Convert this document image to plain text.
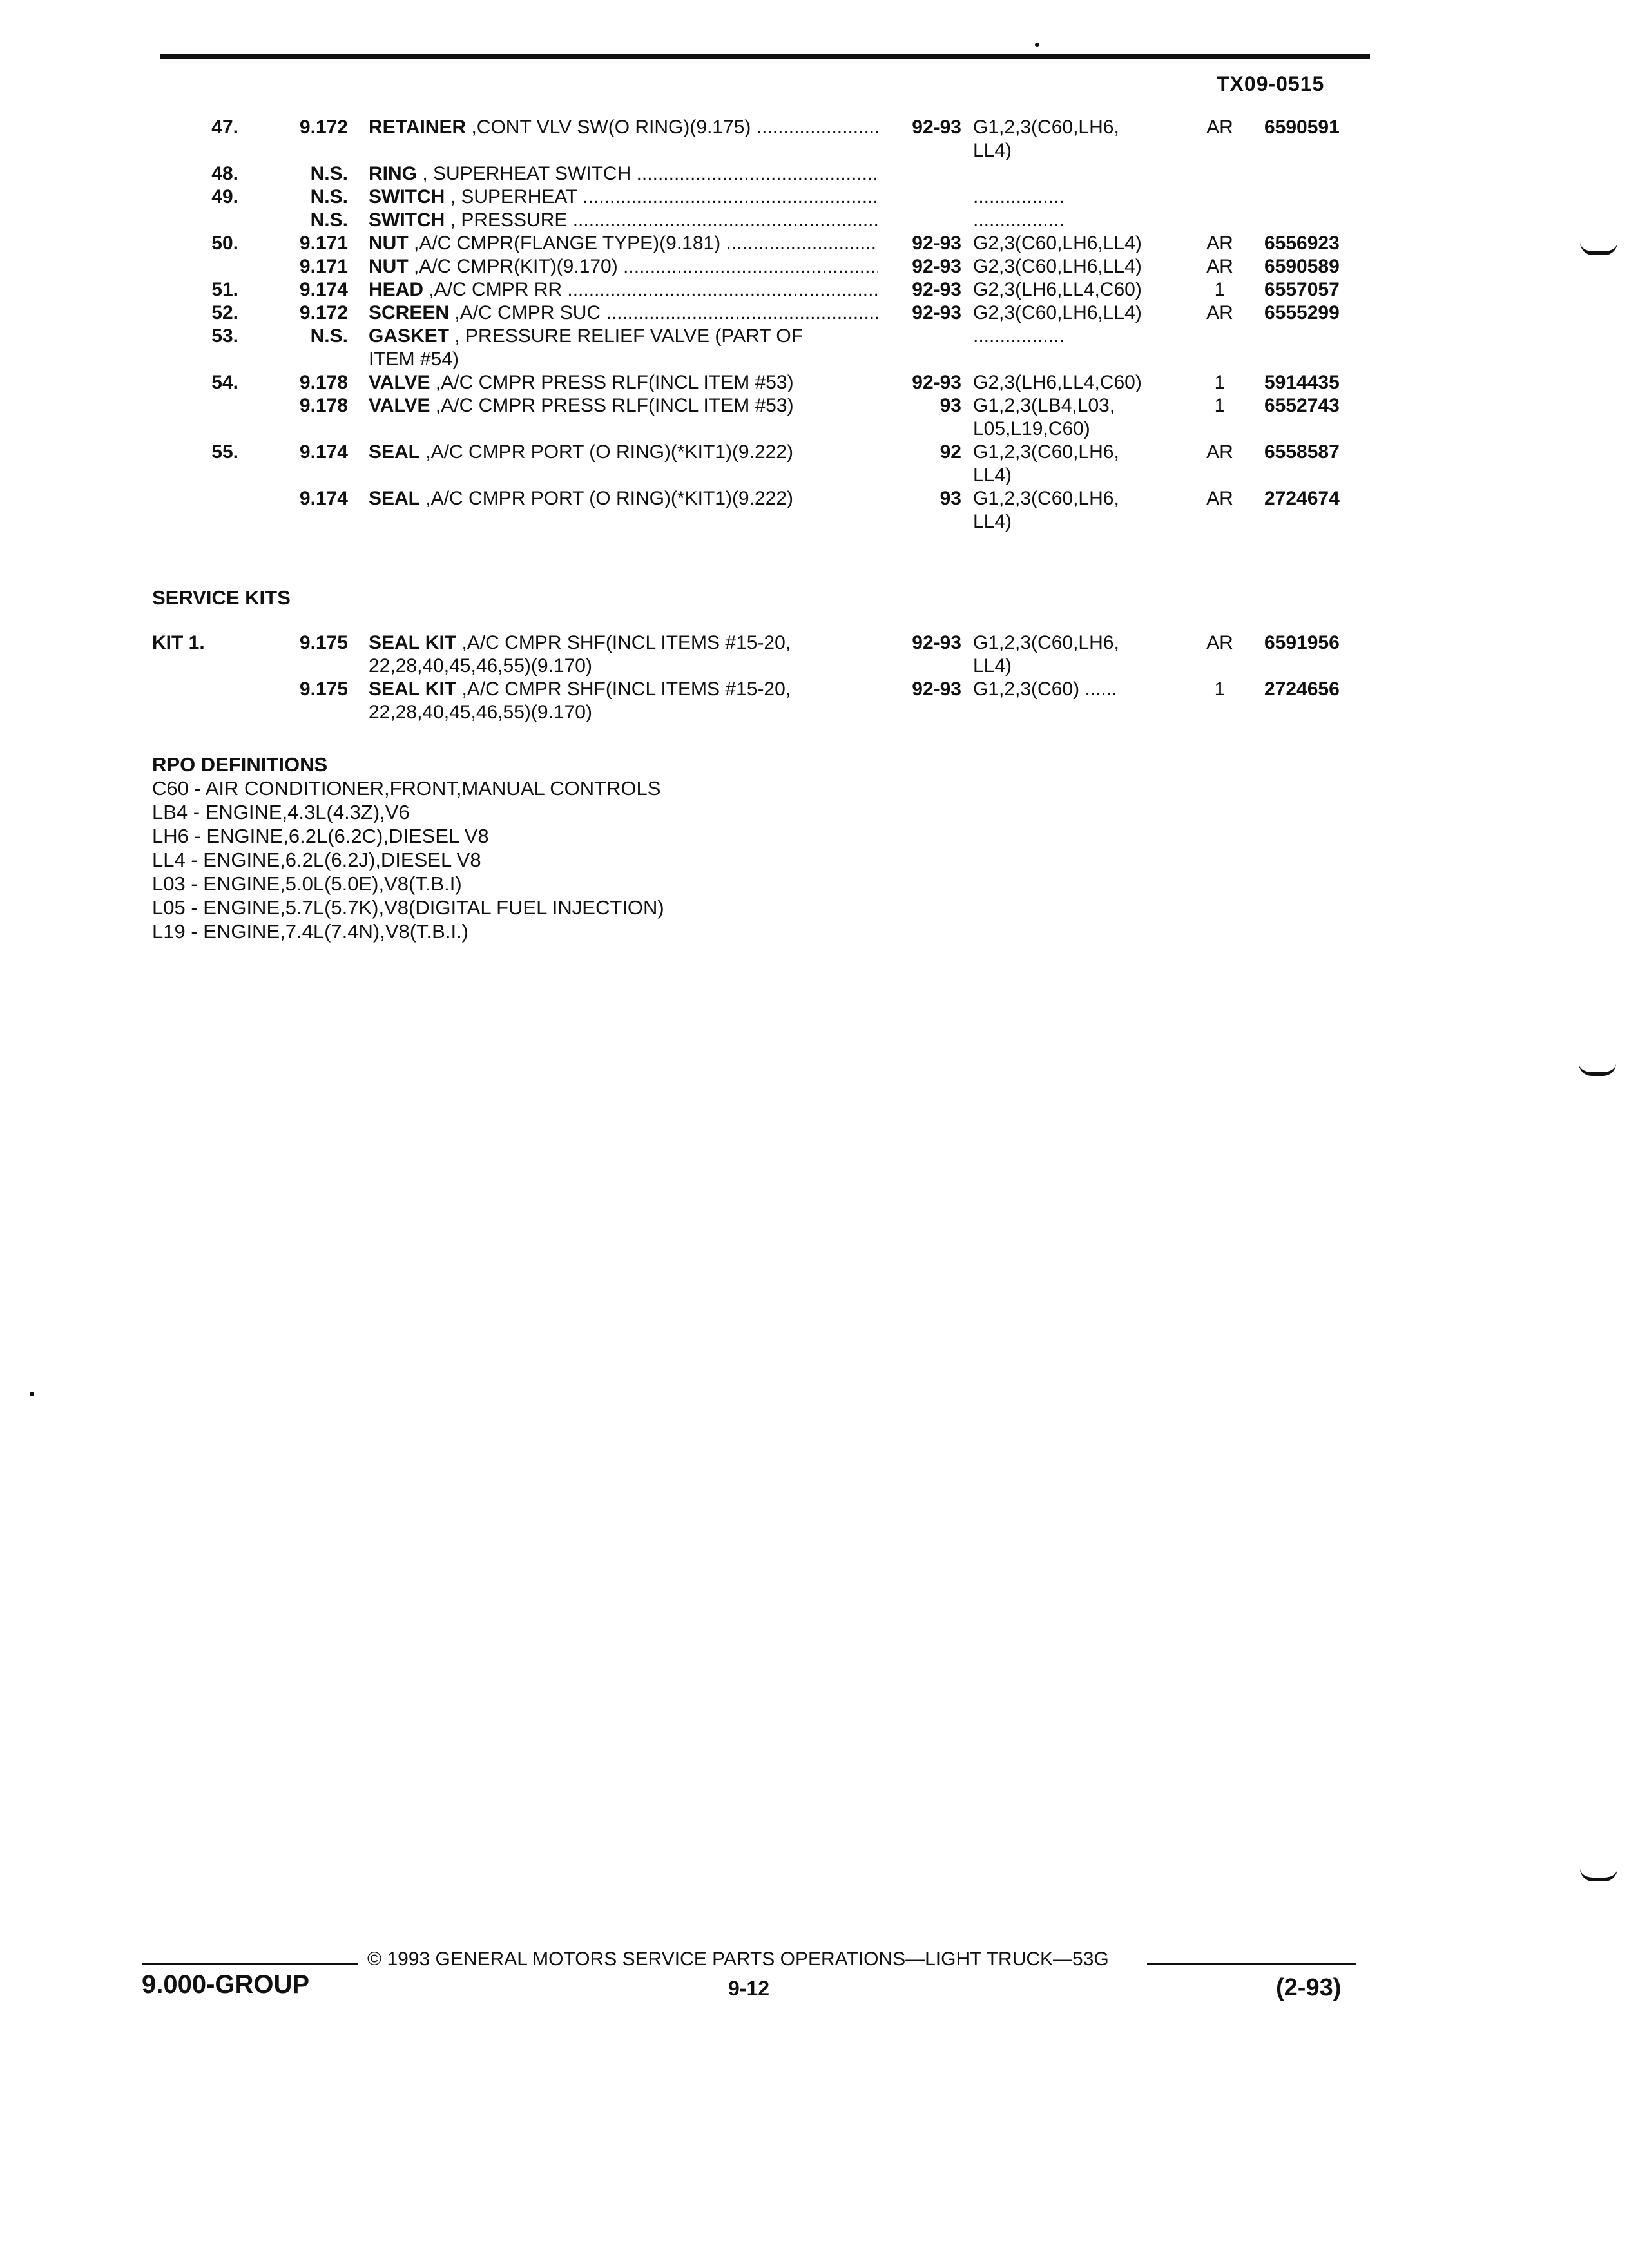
TX09-0515
47.	9.172 RETAINER ,CONT VLV SW(O RING)(9.175) .....	92-93 G1,2,3(C60,LH6,	AR	6590591
LL4)
48.	N.S. RING , SUPERHEAT SWITCH .....
49.	N.S. SWITCH , SUPERHEAT .....	.................
N.S. SWITCH , PRESSURE .....	.................
50.	9.171 NUT ,A/C CMPR(FLANGE TYPE)(9.181) .....	92-93 G2,3(C60,LH6,LL4)	AR	6556923
9.171 NUT ,A/C CMPR(KIT)(9.170) .....	92-93 G2,3(C60,LH6,LL4)	AR	6590589
51.	9.174 HEAD ,A/C CMPR RR .....	92-93 G2,3(LH6,LL4,C60)	1	6557057
52.	9.172 SCREEN ,A/C CMPR SUC .....	92-93 G2,3(C60,LH6,LL4)	AR	6555299
53.	N.S. GASKET , PRESSURE RELIEF VALVE (PART OF	.................
ITEM #54)
54.	9.178 VALVE ,A/C CMPR PRESS RLF(INCL ITEM #53)	92-93 G2,3(LH6,LL4,C60)	1	5914435
9.178 VALVE ,A/C CMPR PRESS RLF(INCL ITEM #53)	93 G1,2,3(LB4,L03,	1	6552743
L05,L19,C60)
55.	9.174 SEAL ,A/C CMPR PORT (O RING)(*KIT1)(9.222)	92 G1,2,3(C60,LH6,	AR	6558587
LL4)
9.174 SEAL ,A/C CMPR PORT (O RING)(*KIT1)(9.222)	93 G1,2,3(C60,LH6,	AR	2724674
LL4)
SERVICE KITS
KIT 1.	9.175 SEAL KIT ,A/C CMPR SHF(INCL ITEMS #15-20,	92-93 G1,2,3(C60,LH6,	AR	6591956
22,28,40,45,46,55)(9.170)	LL4)
9.175 SEAL KIT ,A/C CMPR SHF(INCL ITEMS #15-20,	92-93 G1,2,3(C60) ......	1	2724656
22,28,40,45,46,55)(9.170)
RPO DEFINITIONS
C60 - AIR CONDITIONER,FRONT,MANUAL CONTROLS
LB4 - ENGINE,4.3L(4.3Z),V6
LH6 - ENGINE,6.2L(6.2C),DIESEL V8
LL4 - ENGINE,6.2L(6.2J),DIESEL V8
L03 - ENGINE,5.0L(5.0E),V8(T.B.I)
L05 - ENGINE,5.7L(5.7K),V8(DIGITAL FUEL INJECTION)
L19 - ENGINE,7.4L(7.4N),V8(T.B.I.)
© 1993 GENERAL MOTORS SERVICE PARTS OPERATIONS—LIGHT TRUCK—53G
9.000-GROUP	9-12	(2-93)
